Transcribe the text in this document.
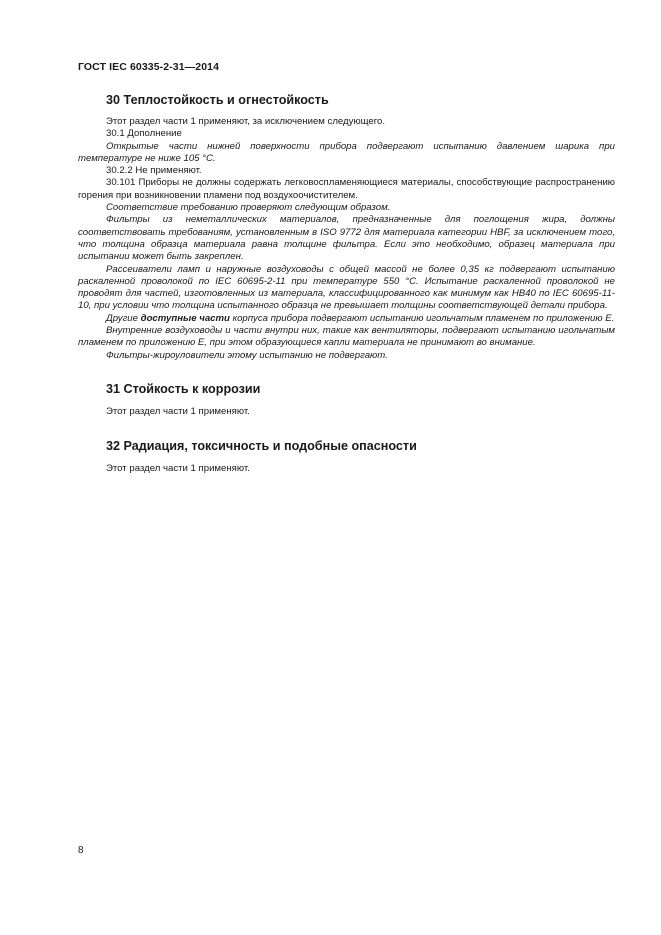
ГОСТ IEC 60335-2-31—2014
30 Теплостойкость и огнестойкость

Этот раздел части 1 применяют, за исключением следующего.

30.1 Дополнение

Открытые части нижней поверхности прибора подвергают испытанию давлением шарика при температуре не ниже 105 °С.

30.2.2 Не применяют.

30.101 Приборы не должны содержать легковоспламеняющиеся материалы, способствующие распространению горения при возникновении пламени под воздухоочистителем.

Соответствие требованию проверяют следующим образом.

Фильтры из неметаллических материалов, предназначенные для поглощения жира, должны соответствовать требованиям, установленным в ISO 9772 для материала категории HBF, за исключением того, что толщина образца материала равна толщине фильтра. Если это необходимо, образец материала при испытании может быть закреплен.

Рассеиватели ламп и наружные воздуховоды с общей массой не более 0,35 кг подвергают испытанию раскаленной проволокой по IEC 60695-2-11 при температуре 550 °С. Испытание раскаленной проволокой не проводят для частей, изготовленных из материала, классифицированного как минимум как HB40 по IEC 60695-11-10, при условии что толщина испытанного образца не превышает толщины соответствующей детали прибора.

Другие доступные части корпуса прибора подвергают испытанию игольчатым пламенем по приложению Е.

Внутренние воздуховоды и части внутри них, такие как вентиляторы, подвергают испытанию игольчатым пламенем по приложению Е, при этом образующиеся капли материала не принимают во внимание.

Фильтры-жироуловители этому испытанию не подвергают.

31 Стойкость к коррозии

Этот раздел части 1 применяют.

32 Радиация, токсичность и подобные опасности

Этот раздел части 1 применяют.

8
